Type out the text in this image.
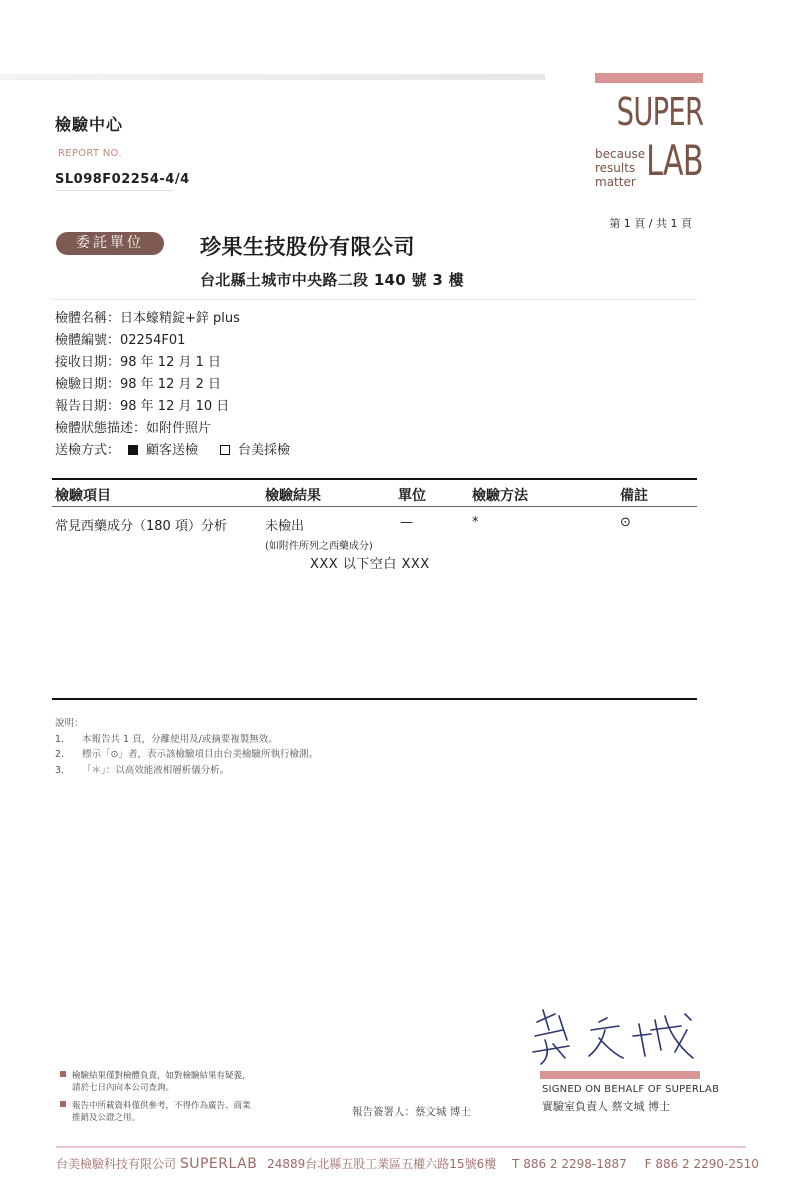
檢驗中心
REPORT NO.
SL098F02254-4/4
SUPER
because
results
matter LAB
第 1 頁 / 共 1 頁
委託單位	珍果生技股份有限公司
台北縣土城市中央路二段 140 號 3 樓
檢體名稱：日本蠔精錠+鋅 plus
檢體編號：02254F01
接收日期：98 年 12 月 1 日
檢驗日期：98 年 12 月 2 日
報告日期：98 年 12 月 10 日
檢體狀態描述：如附件照片
送檢方式： 顧客送檢	台美採檢
檢驗項目	檢驗結果	單位	檢驗方法	備註
常見西藥成分（180 項）分析	未檢出	—	*	⊙
(如附件所列之西藥成分)
XXX 以下空白 XXX
說明：
1. 本報告共 1 頁，分離使用及/或摘要複製無效。
2. 標示「⊙」者，表示該檢驗項目由台美檢驗所執行檢測。
3. 「＊」：以高效能液相層析儀分析。
SIGNED ON BEHALF OF SUPERLAB
實驗室負責人 蔡文城 博士
報告簽署人：蔡文城 博士
檢驗結果僅對檢體負責，如對檢驗結果有疑義，
請於七日內向本公司查詢。
報告中所載資料僅供參考，不得作為廣告、商業
推銷及公證之用。
台美檢驗科技有限公司 SUPERLAB 24889台北縣五股工業區五權六路15號6樓 T 886 2 2298-1887 F 886 2 2290-2510
